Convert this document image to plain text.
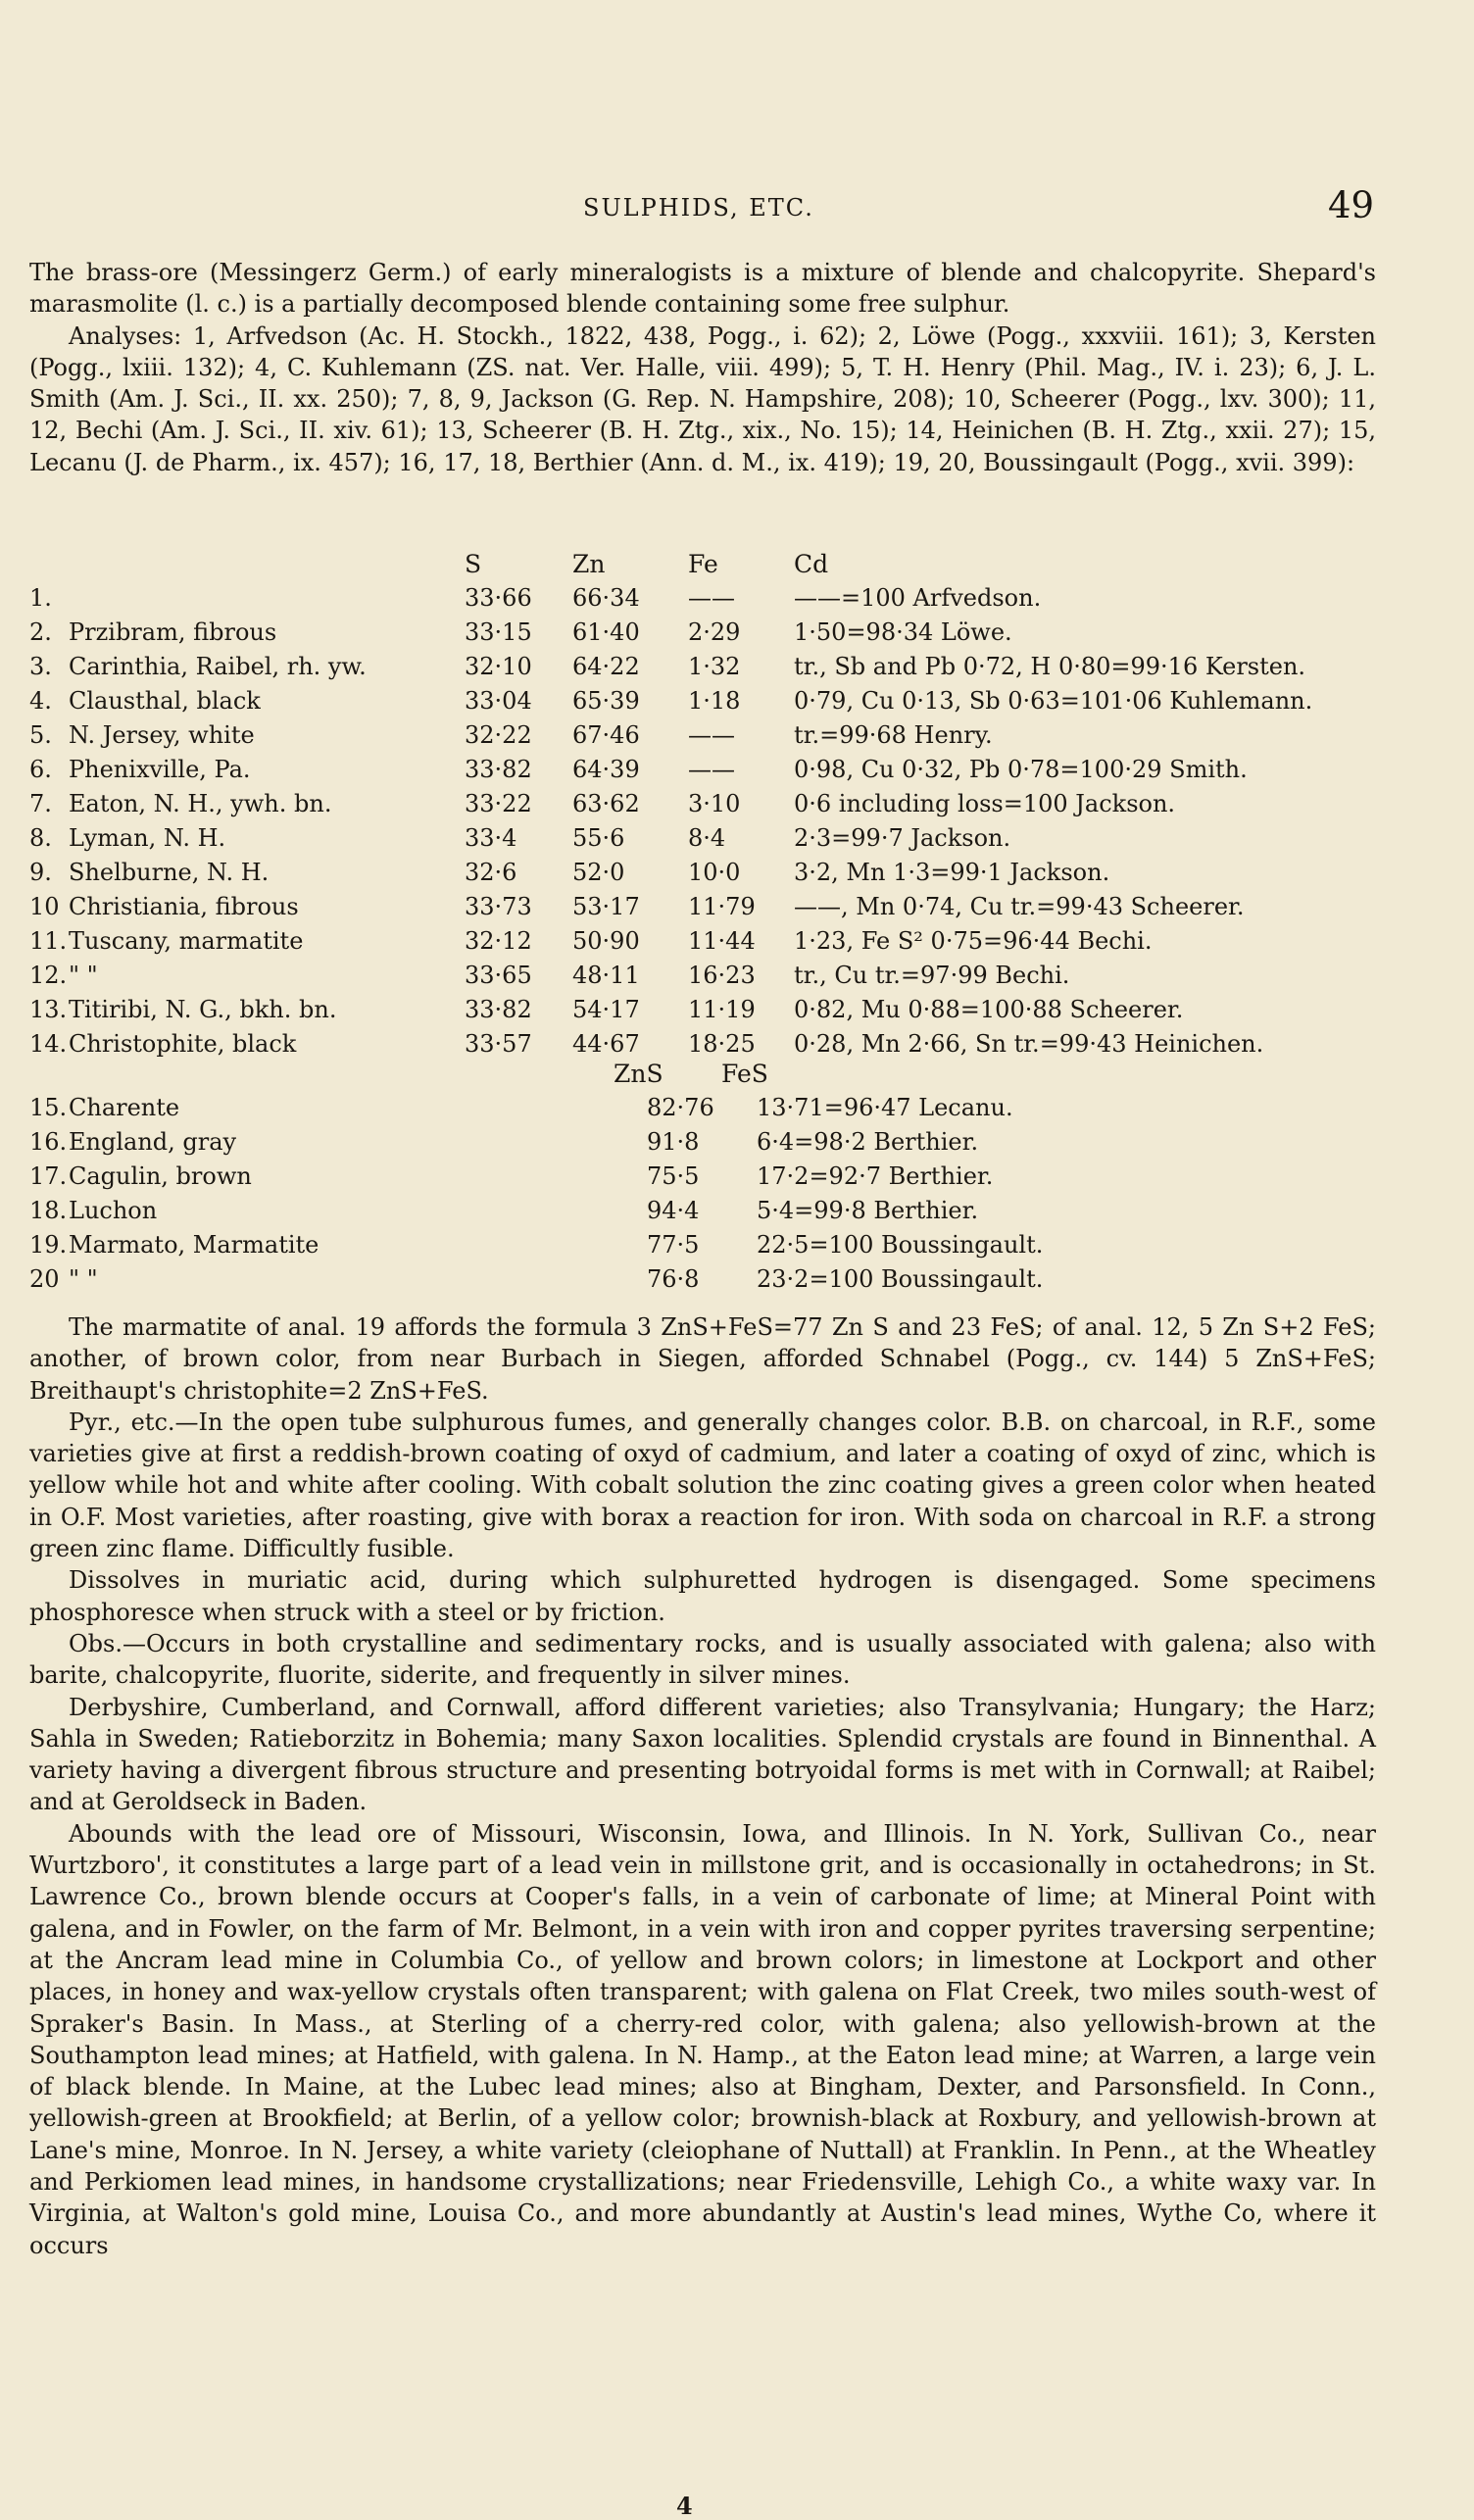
SULPHIDS, ETC.	49

The brass-ore (Messingerz Germ.) of early mineralogists is a mixture of blende and chalcopyrite. Shepard's marasmolite (l. c.) is a partially decomposed blende containing some free sulphur.

Analyses: 1, Arfvedson (Ac. H. Stockh., 1822, 438, Pogg., i. 62); 2, Löwe (Pogg., xxxviii. 161); 3, Kersten (Pogg., lxiii. 132); 4, C. Kuhlemann (ZS. nat. Ver. Halle, viii. 499); 5, T. H. Henry (Phil. Mag., IV. i. 23); 6, J. L. Smith (Am. J. Sci., II. xx. 250); 7, 8, 9, Jackson (G. Rep. N. Hampshire, 208); 10, Scheerer (Pogg., lxv. 300); 11, 12, Bechi (Am. J. Sci., II. xiv. 61); 13, Scheerer (B. H. Ztg., xix., No. 15); 14, Heinichen (B. H. Ztg., xxii. 27); 15, Lecanu (J. de Pharm., ix. 457); 16, 17, 18, Berthier (Ann. d. M., ix. 419); 19, 20, Boussingault (Pogg., xvii. 399):

		S	Zn	Fe	Cd
1.		33·66	66·34	——	——=100 Arfvedson.
2.	Przibram, fibrous	33·15	61·40	2·29	1·50=98·34 Löwe.
3.	Carinthia, Raibel, rh. yw.	32·10	64·22	1·32	tr., Sb and Pb 0·72, H 0·80=99·16 Kersten.
4.	Clausthal, black	33·04	65·39	1·18	0·79, Cu 0·13, Sb 0·63=101·06 Kuhlemann.
5.	N. Jersey, white	32·22	67·46	——	tr.=99·68 Henry.
6.	Phenixville, Pa.	33·82	64·39	——	0·98, Cu 0·32, Pb 0·78=100·29 Smith.
7.	Eaton, N. H., ywh. bn.	33·22	63·62	3·10	0·6 including loss=100 Jackson.
8.	Lyman, N. H.	33·4	55·6	8·4	2·3=99·7 Jackson.
9.	Shelburne, N. H.	32·6	52·0	10·0	3·2, Mn 1·3=99·1 Jackson.
10	Christiania, fibrous	33·73	53·17	11·79	——, Mn 0·74, Cu tr.=99·43 Scheerer.
11.	Tuscany, marmatite	32·12	50·90	11·44	1·23, Fe S² 0·75=96·44 Bechi.
12.	" "	33·65	48·11	16·23	tr., Cu tr.=97·99 Bechi.
13.	Titiribi, N. G., bkh. bn.	33·82	54·17	11·19	0·82, Mu 0·88=100·88 Scheerer.
14.	Christophite, black	33·57	44·67	18·25	0·28, Mn 2·66, Sn tr.=99·43 Heinichen.
	ZnS	FeS
15.	Charente	82·76	13·71=96·47 Lecanu.
16.	England, gray	91·8	6·4=98·2 Berthier.
17.	Cagulin, brown	75·5	17·2=92·7 Berthier.
18.	Luchon	94·4	5·4=99·8 Berthier.
19.	Marmato, Marmatite	77·5	22·5=100 Boussingault.
20	" "	76·8	23·2=100 Boussingault.

The marmatite of anal. 19 affords the formula 3 ZnS+FeS=77 Zn S and 23 FeS; of anal. 12, 5 Zn S+2 FeS; another, of brown color, from near Burbach in Siegen, afforded Schnabel (Pogg., cv. 144) 5 ZnS+FeS; Breithaupt's christophite=2 ZnS+FeS.

Pyr., etc.—In the open tube sulphurous fumes, and generally changes color. B.B. on charcoal, in R.F., some varieties give at first a reddish-brown coating of oxyd of cadmium, and later a coating of oxyd of zinc, which is yellow while hot and white after cooling. With cobalt solution the zinc coating gives a green color when heated in O.F. Most varieties, after roasting, give with borax a reaction for iron. With soda on charcoal in R.F. a strong green zinc flame. Difficultly fusible.

Dissolves in muriatic acid, during which sulphuretted hydrogen is disengaged. Some specimens phosphoresce when struck with a steel or by friction.

Obs.—Occurs in both crystalline and sedimentary rocks, and is usually associated with galena; also with barite, chalcopyrite, fluorite, siderite, and frequently in silver mines.

Derbyshire, Cumberland, and Cornwall, afford different varieties; also Transylvania; Hungary; the Harz; Sahla in Sweden; Ratieborzitz in Bohemia; many Saxon localities. Splendid crystals are found in Binnenthal. A variety having a divergent fibrous structure and presenting botryoidal forms is met with in Cornwall; at Raibel; and at Geroldseck in Baden.

Abounds with the lead ore of Missouri, Wisconsin, Iowa, and Illinois. In N. York, Sullivan Co., near Wurtzboro', it constitutes a large part of a lead vein in millstone grit, and is occasionally in octahedrons; in St. Lawrence Co., brown blende occurs at Cooper's falls, in a vein of carbonate of lime; at Mineral Point with galena, and in Fowler, on the farm of Mr. Belmont, in a vein with iron and copper pyrites traversing serpentine; at the Ancram lead mine in Columbia Co., of yellow and brown colors; in limestone at Lockport and other places, in honey and wax-yellow crystals often transparent; with galena on Flat Creek, two miles south-west of Spraker's Basin. In Mass., at Sterling of a cherry-red color, with galena; also yellowish-brown at the Southampton lead mines; at Hatfield, with galena. In N. Hamp., at the Eaton lead mine; at Warren, a large vein of black blende. In Maine, at the Lubec lead mines; also at Bingham, Dexter, and Parsonsfield. In Conn., yellowish-green at Brookfield; at Berlin, of a yellow color; brownish-black at Roxbury, and yellowish-brown at Lane's mine, Monroe. In N. Jersey, a white variety (cleiophane of Nuttall) at Franklin. In Penn., at the Wheatley and Perkiomen lead mines, in handsome crystallizations; near Friedensville, Lehigh Co., a white waxy var. In Virginia, at Walton's gold mine, Louisa Co., and more abundantly at Austin's lead mines, Wythe Co, where it occurs

4
